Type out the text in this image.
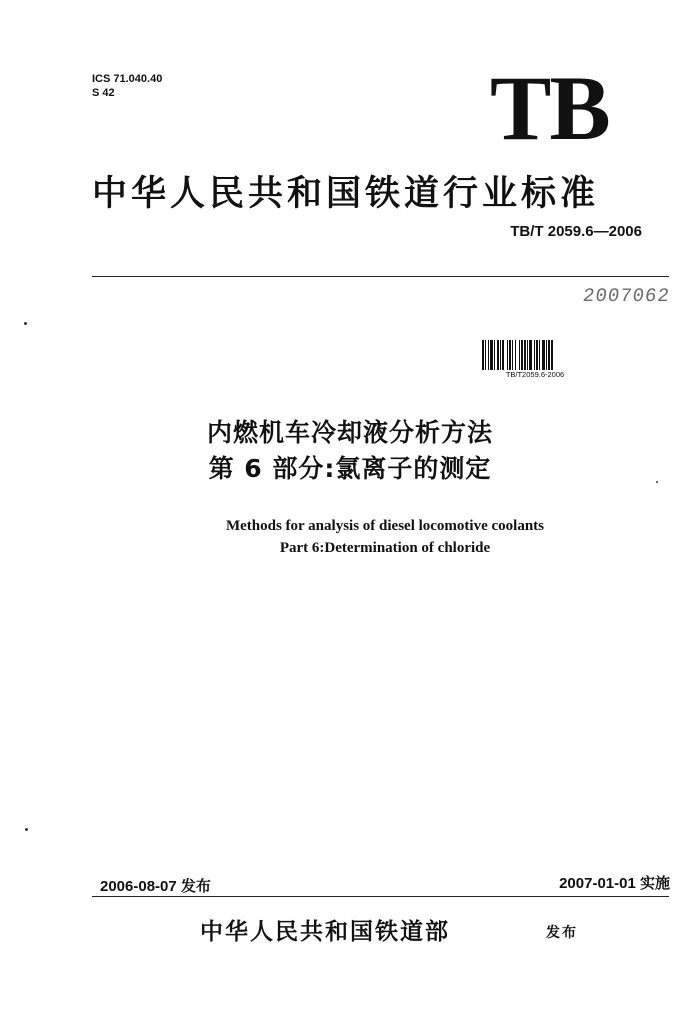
ICS 71.040.40
S 42	TB
中华人民共和国铁道行业标准
TB/T 2059.6—2006
2007062
TB/T2059.6-2006
内燃机车冷却液分析方法
第 6 部分:氯离子的测定
Methods for analysis of diesel locomotive coolants
Part 6:Determination of chloride
2006-08-07 发布	2007-01-01 实施
中华人民共和国铁道部	发布
